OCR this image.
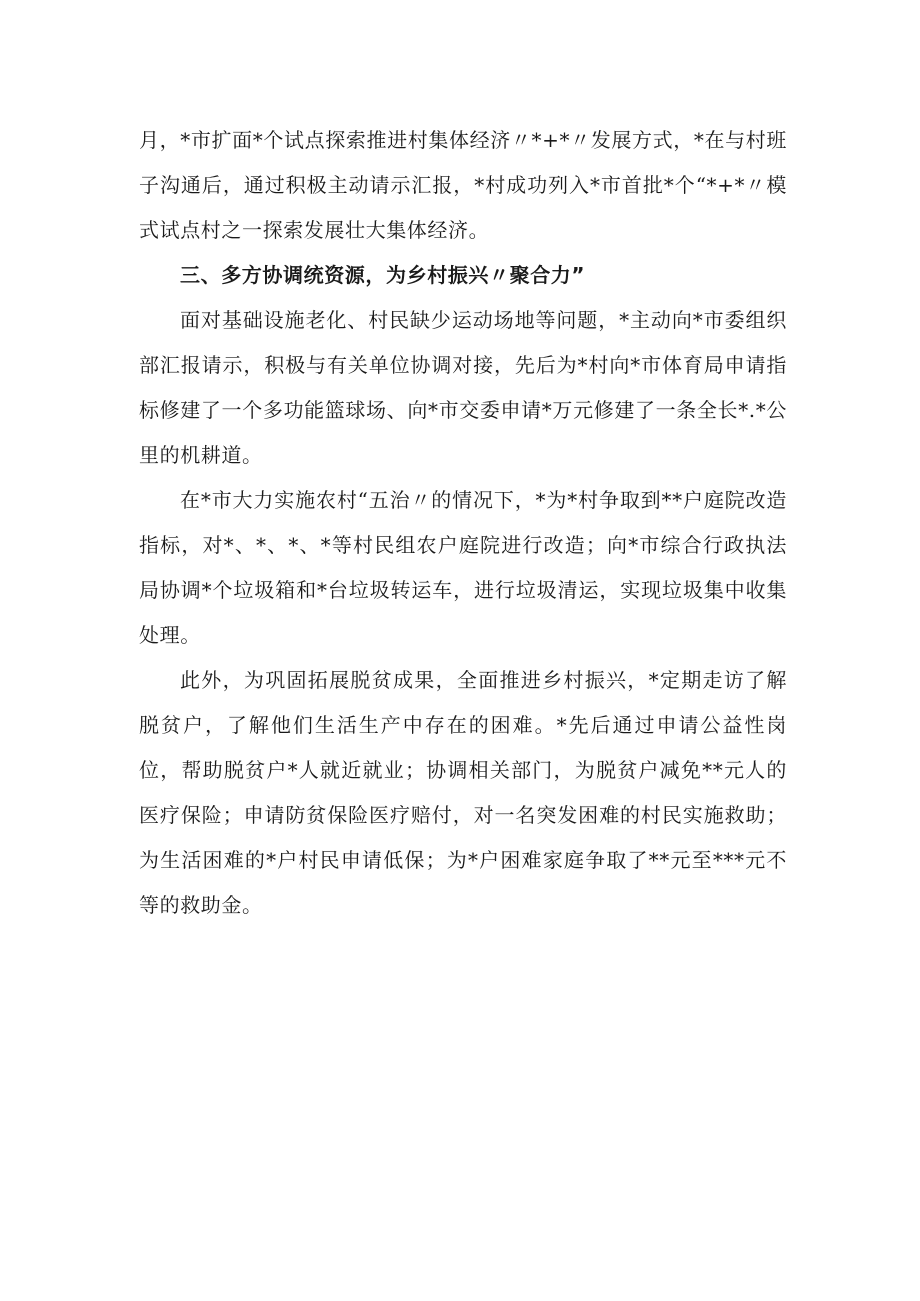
月，*市扩面*个试点探索推进村集体经济〃*+*〃发展方式，*在与村班子沟通后，通过积极主动请示汇报，*村成功列入*市首批*个“*+*〃模式试点村之一探索发展壮大集体经济。

三、多方协调统资源，为乡村振兴〃聚合力”

面对基础设施老化、村民缺少运动场地等问题，*主动向*市委组织部汇报请示，积极与有关单位协调对接，先后为*村向*市体育局申请指标修建了一个多功能篮球场、向*市交委申请*万元修建了一条全长*.*公里的机耕道。

在*市大力实施农村“五治〃的情况下，*为*村争取到**户庭院改造指标，对*、*、*、*等村民组农户庭院进行改造；向*市综合行政执法局协调*个垃圾箱和*台垃圾转运车，进行垃圾清运，实现垃圾集中收集处理。

此外，为巩固拓展脱贫成果，全面推进乡村振兴，*定期走访了解脱贫户，了解他们生活生产中存在的困难。*先后通过申请公益性岗位，帮助脱贫户*人就近就业；协调相关部门，为脱贫户减免**元人的医疗保险；申请防贫保险医疗赔付，对一名突发困难的村民实施救助；为生活困难的*户村民申请低保；为*户困难家庭争取了**元至***元不等的救助金。
